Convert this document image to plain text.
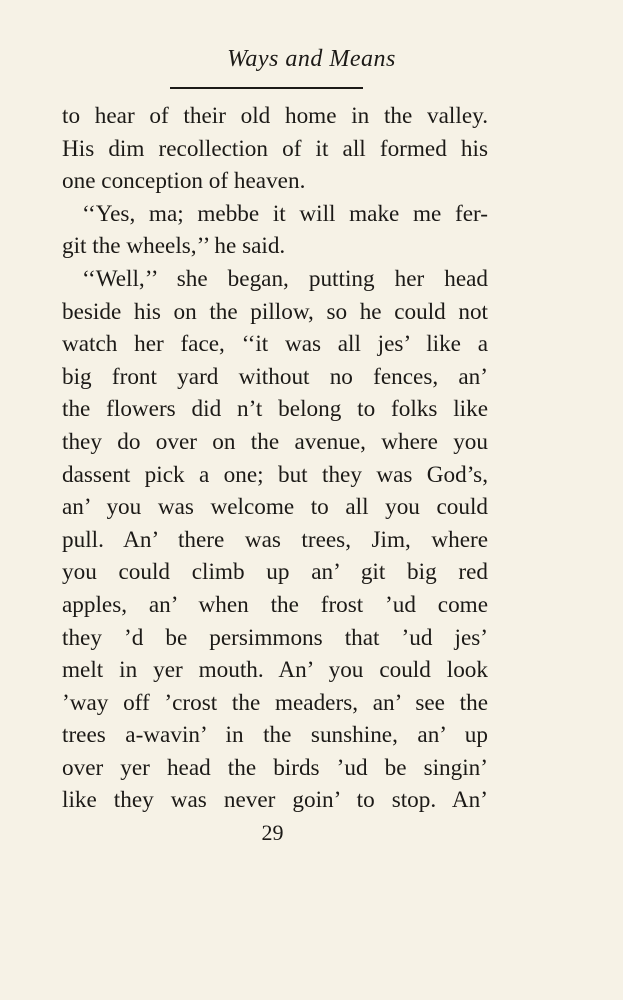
Ways and Means
to hear of their old home in the valley.
His dim recollection of it all formed his
one conception of heaven.
‘‘Yes, ma; mebbe it will make me fer-
git the wheels,’’ he said.
‘‘Well,’’ she began, putting her head
beside his on the pillow, so he could not
watch her face, ‘‘it was all jes’ like a
big front yard without no fences, an’
the flowers did n’t belong to folks like
they do over on the avenue, where you
dassent pick a one; but they was God’s,
an’ you was welcome to all you could
pull. An’ there was trees, Jim, where
you could climb up an’ git big red
apples, an’ when the frost ’ud come
they ’d be persimmons that ’ud jes’
melt in yer mouth. An’ you could look
’way off ’crost the meaders, an’ see the
trees a-wavin’ in the sunshine, an’ up
over yer head the birds ’ud be singin’
like they was never goin’ to stop. An’
29
